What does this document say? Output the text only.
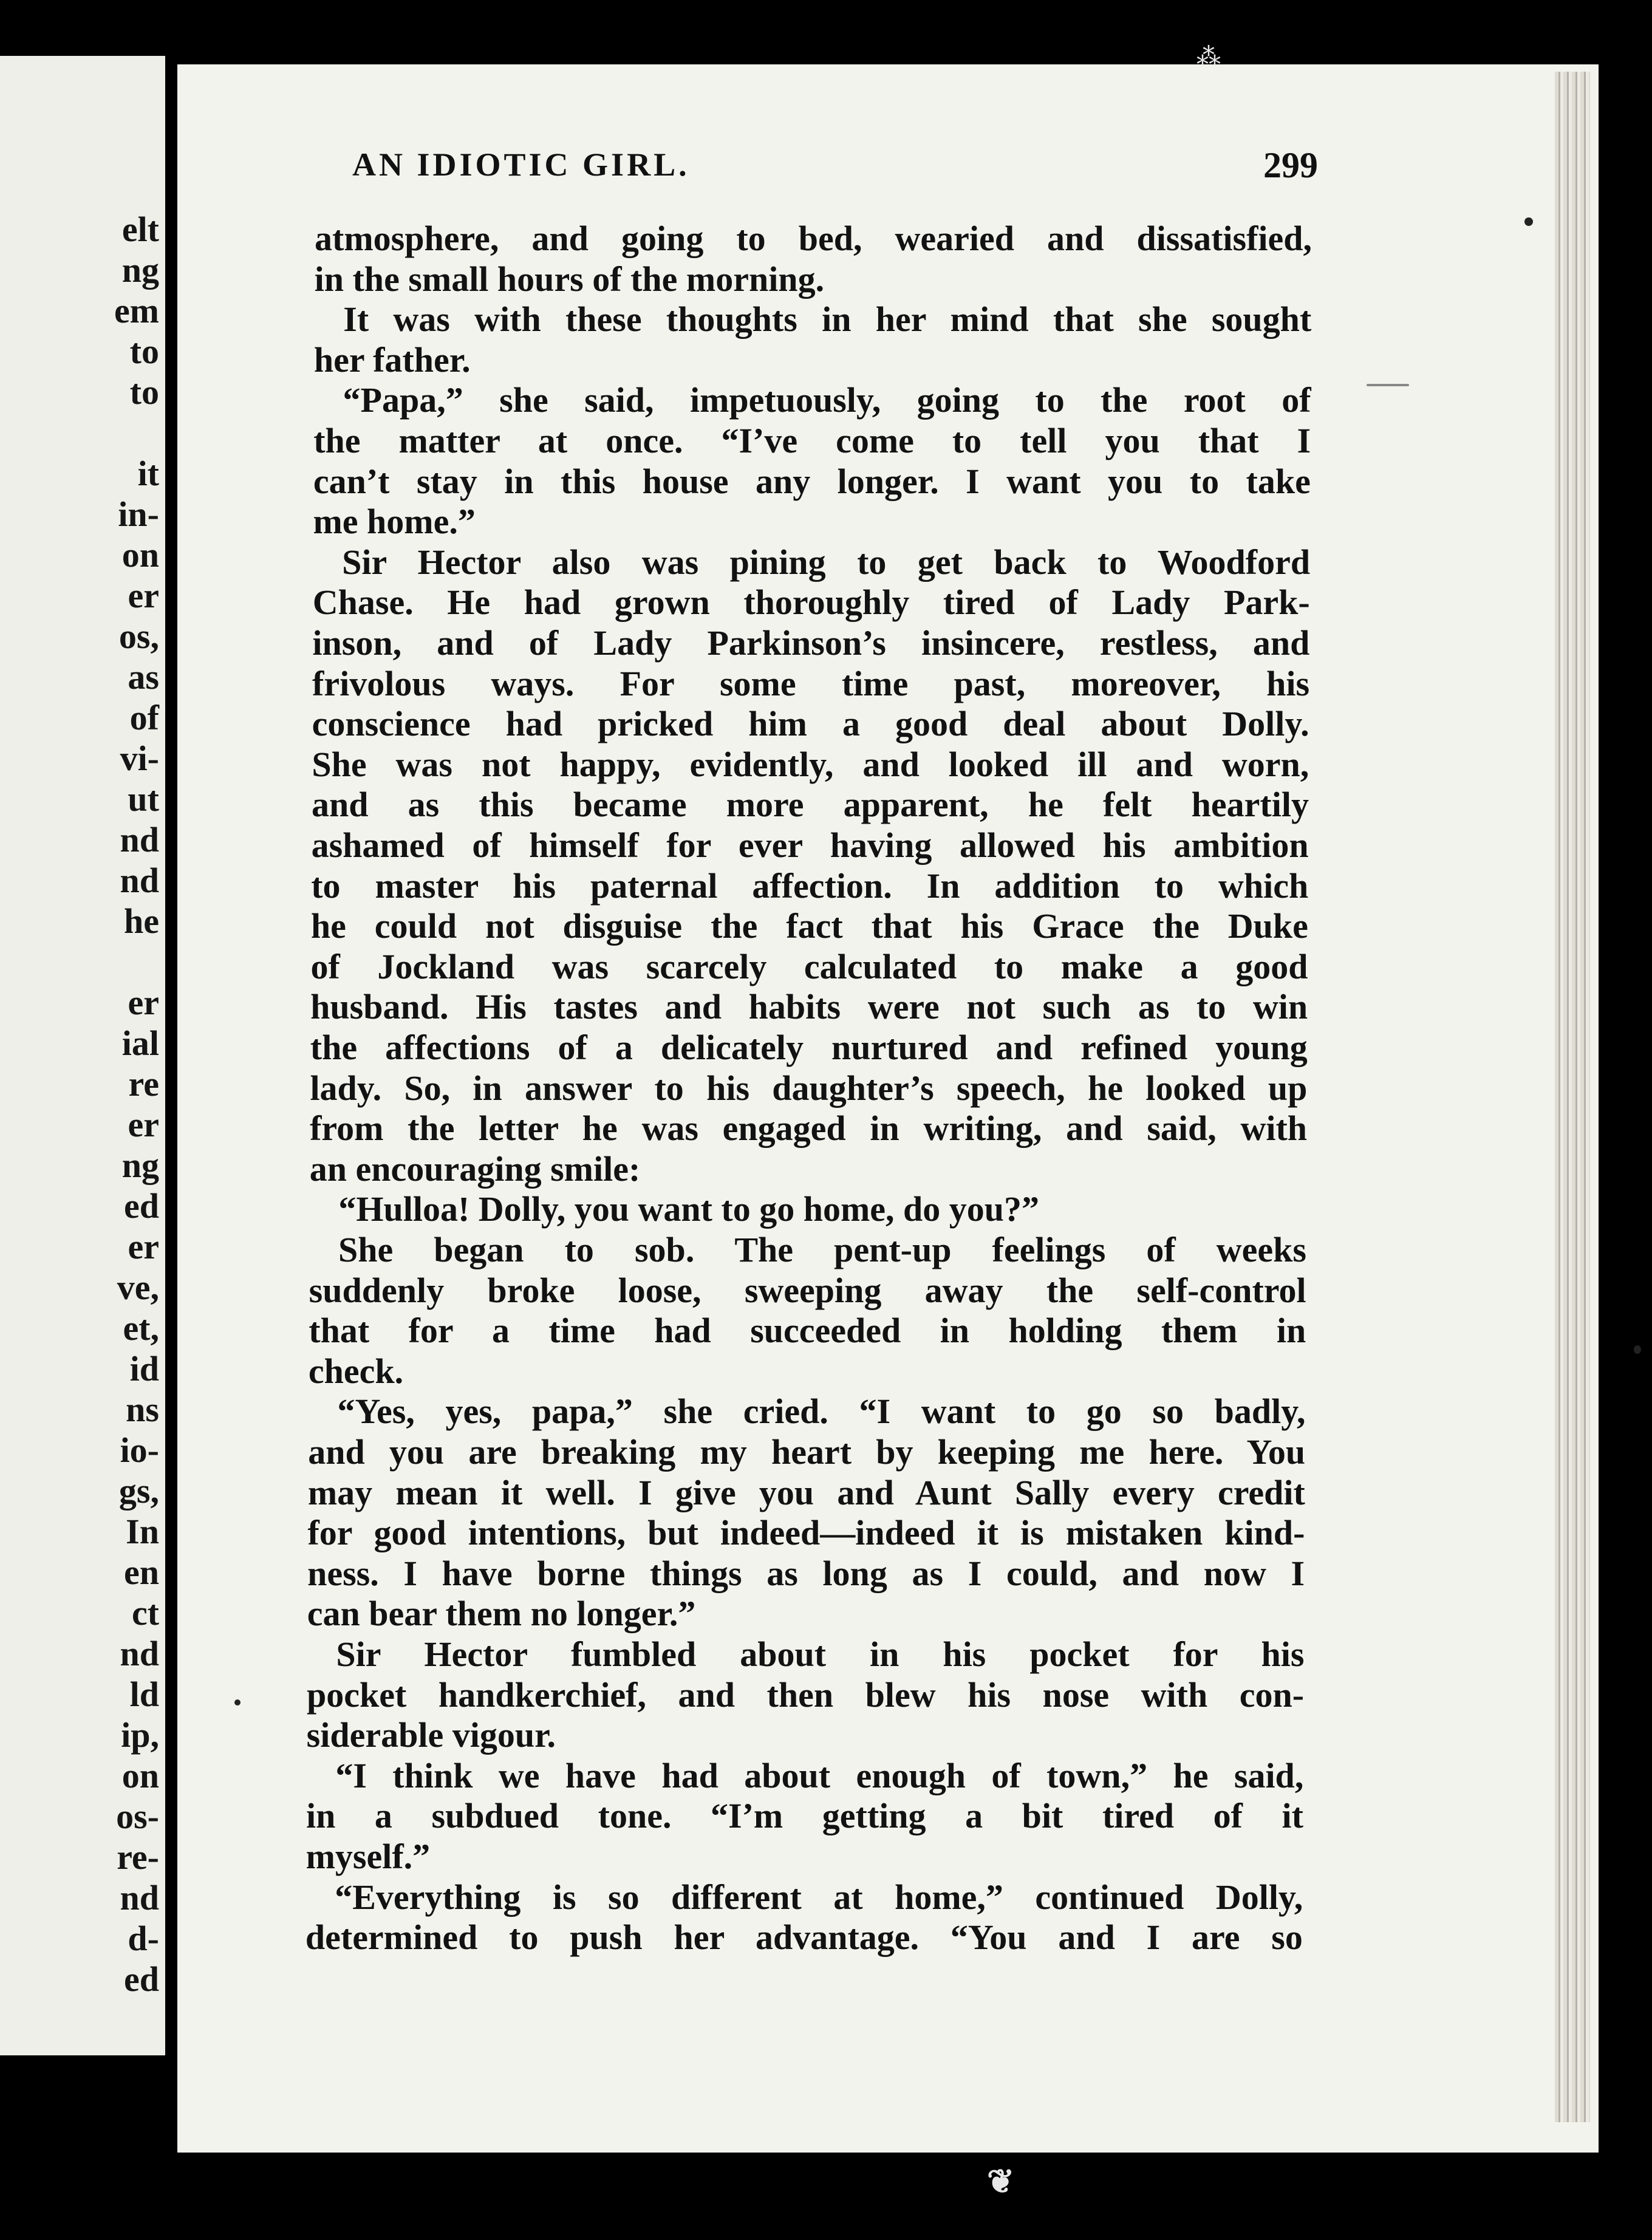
elt
ng
em
to
to

it
in-
on
er
os,
as
of
vi-
ut
nd
nd
he

er
ial
re
er
ng
ed
er
ve,
et,
id
ns
io-
gs,
In
en
ct
nd
ld
ip,
on
os-
re-
nd
d-
ed
AN IDIOTIC GIRL.	299
atmosphere, and going to bed, wearied and dissatisfied,
in the small hours of the morning.
It was with these thoughts in her mind that she sought
her father.
“Papa,” she said, impetuously, going to the root of
the matter at once. “I’ve come to tell you that I
can’t stay in this house any longer. I want you to take
me home.”
Sir Hector also was pining to get back to Woodford
Chase. He had grown thoroughly tired of Lady Park-
inson, and of Lady Parkinson’s insincere, restless, and
frivolous ways. For some time past, moreover, his
conscience had pricked him a good deal about Dolly.
She was not happy, evidently, and looked ill and worn,
and as this became more apparent, he felt heartily
ashamed of himself for ever having allowed his ambition
to master his paternal affection. In addition to which
he could not disguise the fact that his Grace the Duke
of Jockland was scarcely calculated to make a good
husband. His tastes and habits were not such as to win
the affections of a delicately nurtured and refined young
lady. So, in answer to his daughter’s speech, he looked up
from the letter he was engaged in writing, and said, with
an encouraging smile:
“Hulloa! Dolly, you want to go home, do you?”
She began to sob. The pent-up feelings of weeks
suddenly broke loose, sweeping away the self-control
that for a time had succeeded in holding them in
check.
“Yes, yes, papa,” she cried. “I want to go so badly,
and you are breaking my heart by keeping me here. You
may mean it well. I give you and Aunt Sally every credit
for good intentions, but indeed—indeed it is mistaken kind-
ness. I have borne things as long as I could, and now I
can bear them no longer.”
Sir Hector fumbled about in his pocket for his
pocket handkerchief, and then blew his nose with con-
siderable vigour.
“I think we have had about enough of town,” he said,
in a subdued tone. “I’m getting a bit tired of it
myself.”
“Everything is so different at home,” continued Dolly,
determined to push her advantage. “You and I are so
⁂
❦
